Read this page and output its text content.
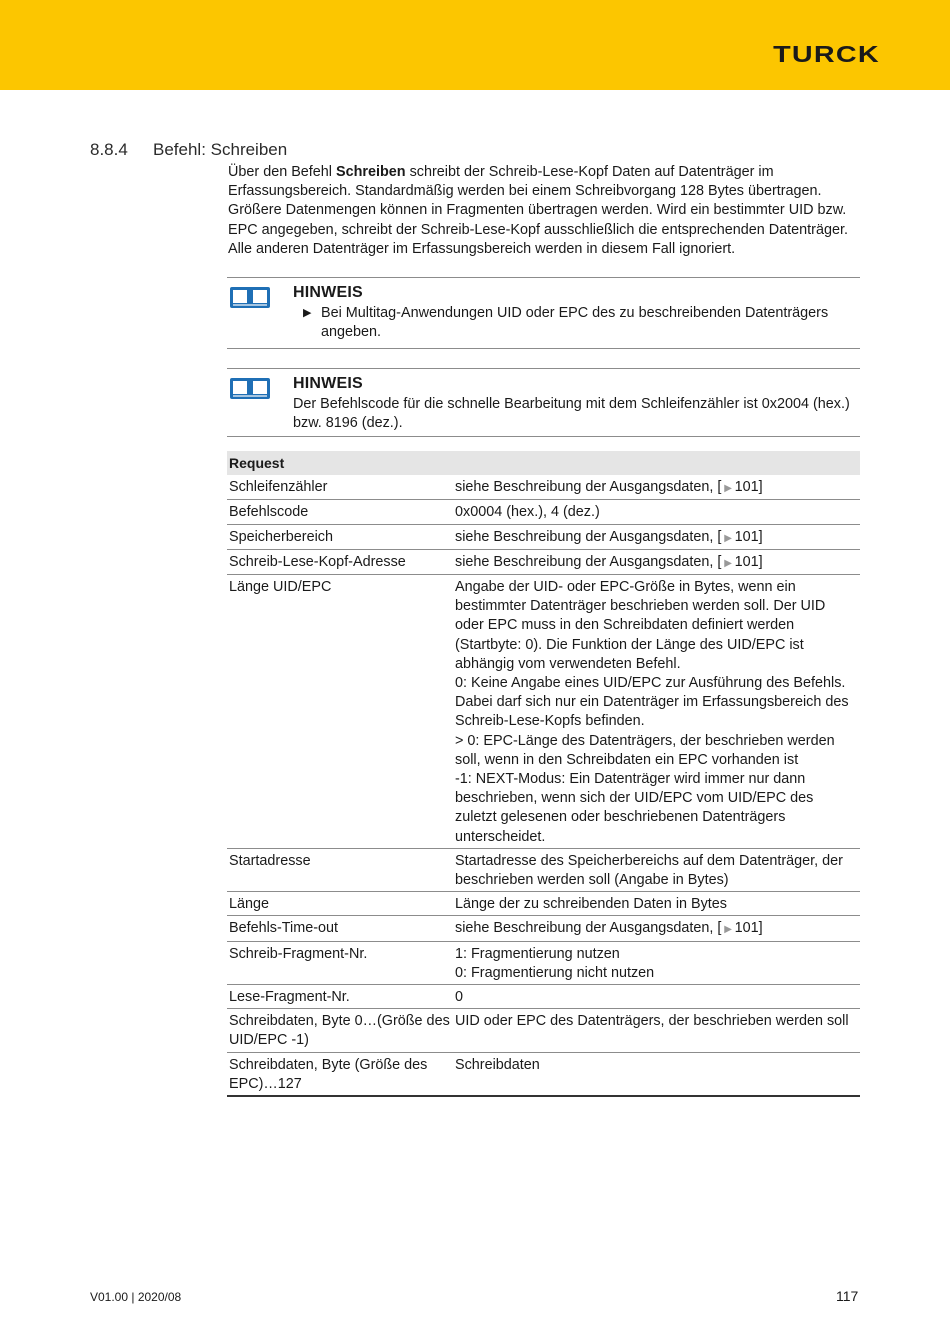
TURCK
8.8.4 Befehl: Schreiben

Über den Befehl Schreiben schreibt der Schreib-Lese-Kopf Daten auf Datenträger im Erfassungsbereich. Standardmäßig werden bei einem Schreibvorgang 128 Bytes übertragen. Größere Datenmengen können in Fragmenten übertragen werden. Wird ein bestimmter UID bzw. EPC angegeben, schreibt der Schreib-Lese-Kopf ausschließlich die entsprechenden Datenträger. Alle anderen Datenträger im Erfassungsbereich werden in diesem Fall ignoriert.

HINWEIS
▶ Bei Multitag-Anwendungen UID oder EPC des zu beschreibenden Datenträgers angeben.
HINWEIS
Der Befehlscode für die schnelle Bearbeitung mit dem Schleifenzähler ist 0x2004 (hex.) bzw. 8196 (dez.).
Request	
Schleifenzähler	siehe Beschreibung der Ausgangsdaten, [ ▶ 101]
Befehlscode	0x0004 (hex.), 4 (dez.)
Speicherbereich	siehe Beschreibung der Ausgangsdaten, [ ▶ 101]
Schreib-Lese-Kopf-Adresse	siehe Beschreibung der Ausgangsdaten, [ ▶ 101]
Länge UID/EPC	Angabe der UID- oder EPC-Größe in Bytes, wenn ein bestimmter Datenträger beschrieben werden soll. Der UID oder EPC muss in den Schreibdaten definiert werden (Startbyte: 0). Die Funktion der Länge des UID/EPC ist abhängig vom verwendeten Befehl.
0: Keine Angabe eines UID/EPC zur Ausführung des Befehls. Dabei darf sich nur ein Datenträger im Erfassungsbereich des Schreib-Lese-Kopfs befinden.
> 0: EPC-Länge des Datenträgers, der beschrieben werden soll, wenn in den Schreibdaten ein EPC vorhanden ist
-1: NEXT-Modus: Ein Datenträger wird immer nur dann beschrieben, wenn sich der UID/EPC vom UID/EPC des zuletzt gelesenen oder beschriebenen Datenträgers unterscheidet.
Startadresse	Startadresse des Speicherbereichs auf dem Datenträger, der beschrieben werden soll (Angabe in Bytes)
Länge	Länge der zu schreibenden Daten in Bytes
Befehls-Time-out	siehe Beschreibung der Ausgangsdaten, [ ▶ 101]
Schreib-Fragment-Nr.	1: Fragmentierung nutzen
0: Fragmentierung nicht nutzen
Lese-Fragment-Nr.	0
Schreibdaten, Byte 0…(Größe des UID/EPC -1)	UID oder EPC des Datenträgers, der beschrieben werden soll
Schreibdaten, Byte (Größe des EPC)…127	Schreibdaten
V01.00 | 2020/08	117
